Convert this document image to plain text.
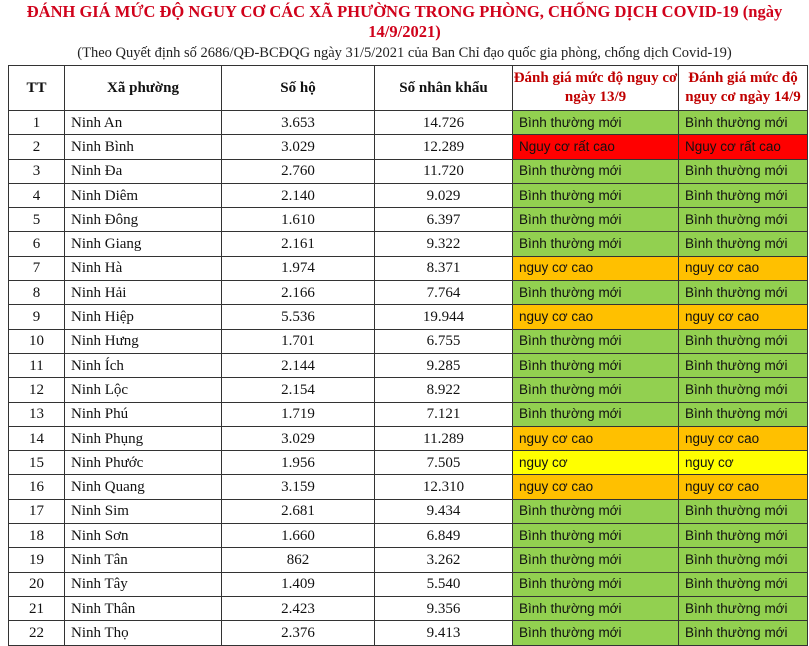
ĐÁNH GIÁ MỨC ĐỘ NGUY CƠ CÁC XÃ PHƯỜNG TRONG PHÒNG, CHỐNG DỊCH COVID-19 (ngày 14/9/2021)
(Theo Quyết định số 2686/QĐ-BCĐQG ngày 31/5/2021 của Ban Chỉ đạo quốc gia phòng, chống dịch Covid-19)
TT	Xã phường	Số hộ	Số nhân khẩu	Đánh giá mức độ nguy cơ ngày 13/9	Đánh giá mức độ nguy cơ ngày 14/9
1	Ninh An	3.653	14.726	Bình thường mới	Bình thường mới
2	Ninh Bình	3.029	12.289	Nguy cơ rất cao	Nguy cơ rất cao
3	Ninh Đa	2.760	11.720	Bình thường mới	Bình thường mới
4	Ninh Diêm	2.140	9.029	Bình thường mới	Bình thường mới
5	Ninh Đông	1.610	6.397	Bình thường mới	Bình thường mới
6	Ninh Giang	2.161	9.322	Bình thường mới	Bình thường mới
7	Ninh Hà	1.974	8.371	nguy cơ cao	nguy cơ cao
8	Ninh Hải	2.166	7.764	Bình thường mới	Bình thường mới
9	Ninh Hiệp	5.536	19.944	nguy cơ cao	nguy cơ cao
10	Ninh Hưng	1.701	6.755	Bình thường mới	Bình thường mới
11	Ninh Ích	2.144	9.285	Bình thường mới	Bình thường mới
12	Ninh Lộc	2.154	8.922	Bình thường mới	Bình thường mới
13	Ninh Phú	1.719	7.121	Bình thường mới	Bình thường mới
14	Ninh Phụng	3.029	11.289	nguy cơ cao	nguy cơ cao
15	Ninh Phước	1.956	7.505	nguy cơ	nguy cơ
16	Ninh Quang	3.159	12.310	nguy cơ cao	nguy cơ cao
17	Ninh Sim	2.681	9.434	Bình thường mới	Bình thường mới
18	Ninh Sơn	1.660	6.849	Bình thường mới	Bình thường mới
19	Ninh Tân	862	3.262	Bình thường mới	Bình thường mới
20	Ninh Tây	1.409	5.540	Bình thường mới	Bình thường mới
21	Ninh Thân	2.423	9.356	Bình thường mới	Bình thường mới
22	Ninh Thọ	2.376	9.413	Bình thường mới	Bình thường mới
